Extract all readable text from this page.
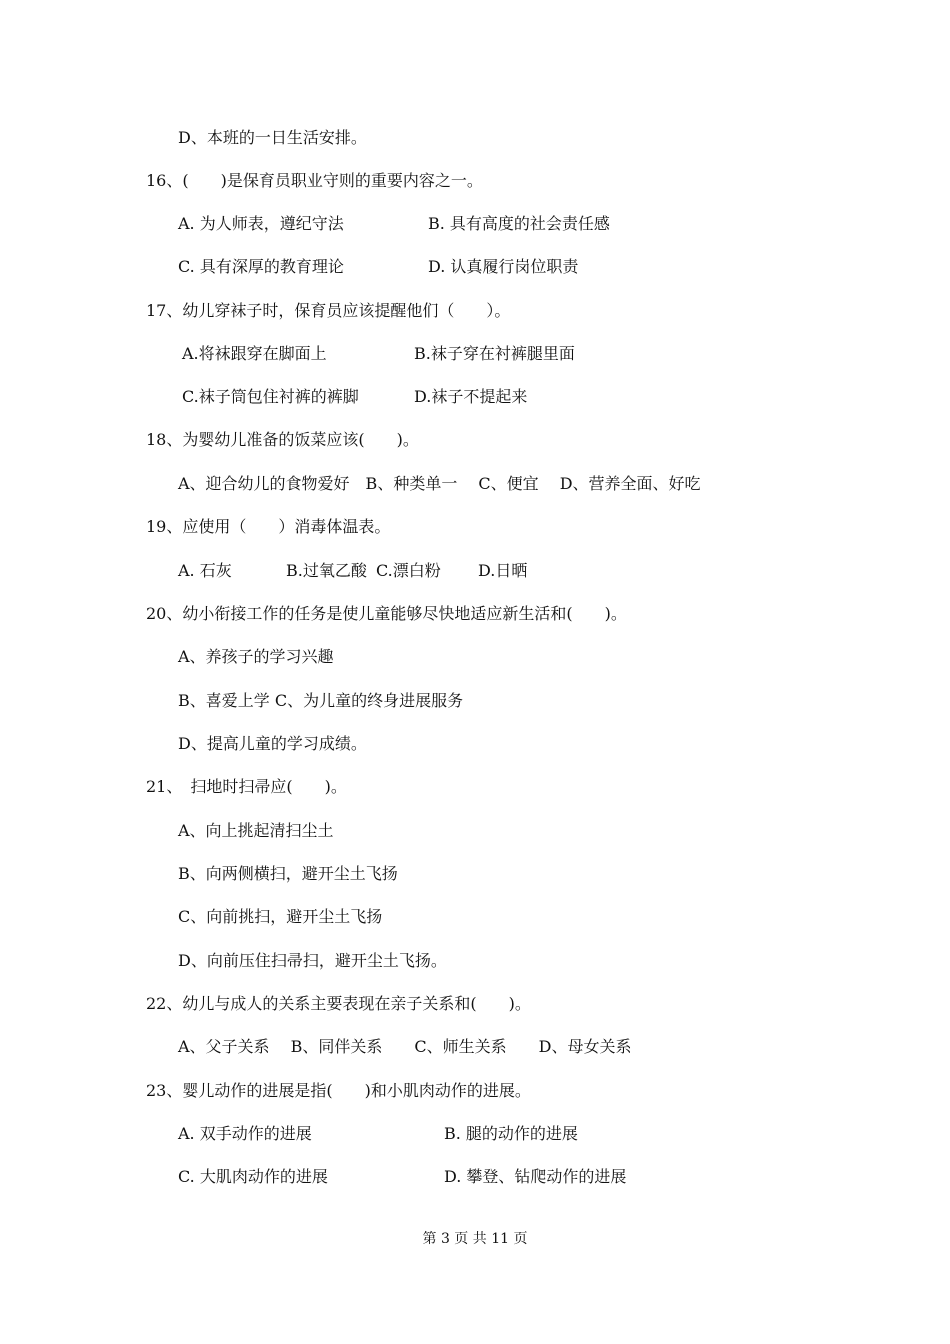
D、本班的一日生活安排。
16、(　　)是保育员职业守则的重要内容之一。
A. 为人师表，遵纪守法	B. 具有高度的社会责任感
C. 具有深厚的教育理论	D. 认真履行岗位职责
17、幼儿穿袜子时，保育员应该提醒他们（　　）。
A.将袜跟穿在脚面上	B.袜子穿在衬裤腿里面
C.袜子筒包住衬裤的裤脚	D.袜子不提起来
18、为婴幼儿准备的饭菜应该(　　)。
A、迎合幼儿的食物爱好　B、种类单一　 C、便宜　 D、营养全面、好吃
19、应使用（　　）消毒体温表。
A. 石灰	B.过氧乙酸 C.漂白粉 D.日晒
20、幼小衔接工作的任务是使儿童能够尽快地适应新生活和(　　)。
A、养孩子的学习兴趣
B、喜爱上学 C、为儿童的终身进展服务
D、提高儿童的学习成绩。
21、　扫地时扫帚应(　　)。
A、向上挑起清扫尘土
B、向两侧横扫，避开尘土飞扬
C、向前挑扫，避开尘土飞扬
D、向前压住扫帚扫，避开尘土飞扬。
22、幼儿与成人的关系主要表现在亲子关系和(　　)。
A、父子关系　 B、同伴关系　　C、师生关系　　D、母女关系
23、婴儿动作的进展是指(　　)和小肌肉动作的进展。
A. 双手动作的进展	B. 腿的动作的进展
C. 大肌肉动作的进展	D. 攀登、钻爬动作的进展
第 3 页 共 11 页
